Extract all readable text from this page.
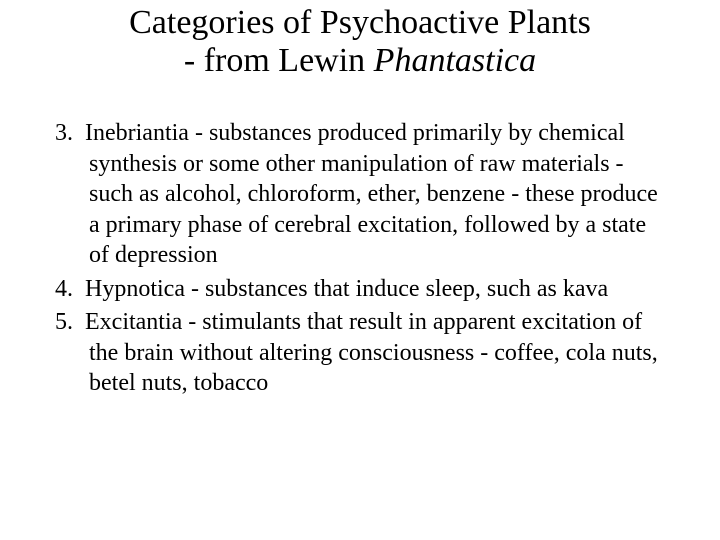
Categories of Psychoactive Plants
- from Lewin Phantastica
3. Inebriantia - substances produced primarily by chemical synthesis or some other manipulation of raw materials - such as alcohol, chloroform, ether, benzene - these produce a primary phase of cerebral excitation, followed by a state of depression
4. Hypnotica - substances that induce sleep, such as kava
5. Excitantia - stimulants that result in apparent excitation of the brain without altering consciousness - coffee, cola nuts, betel nuts, tobacco
